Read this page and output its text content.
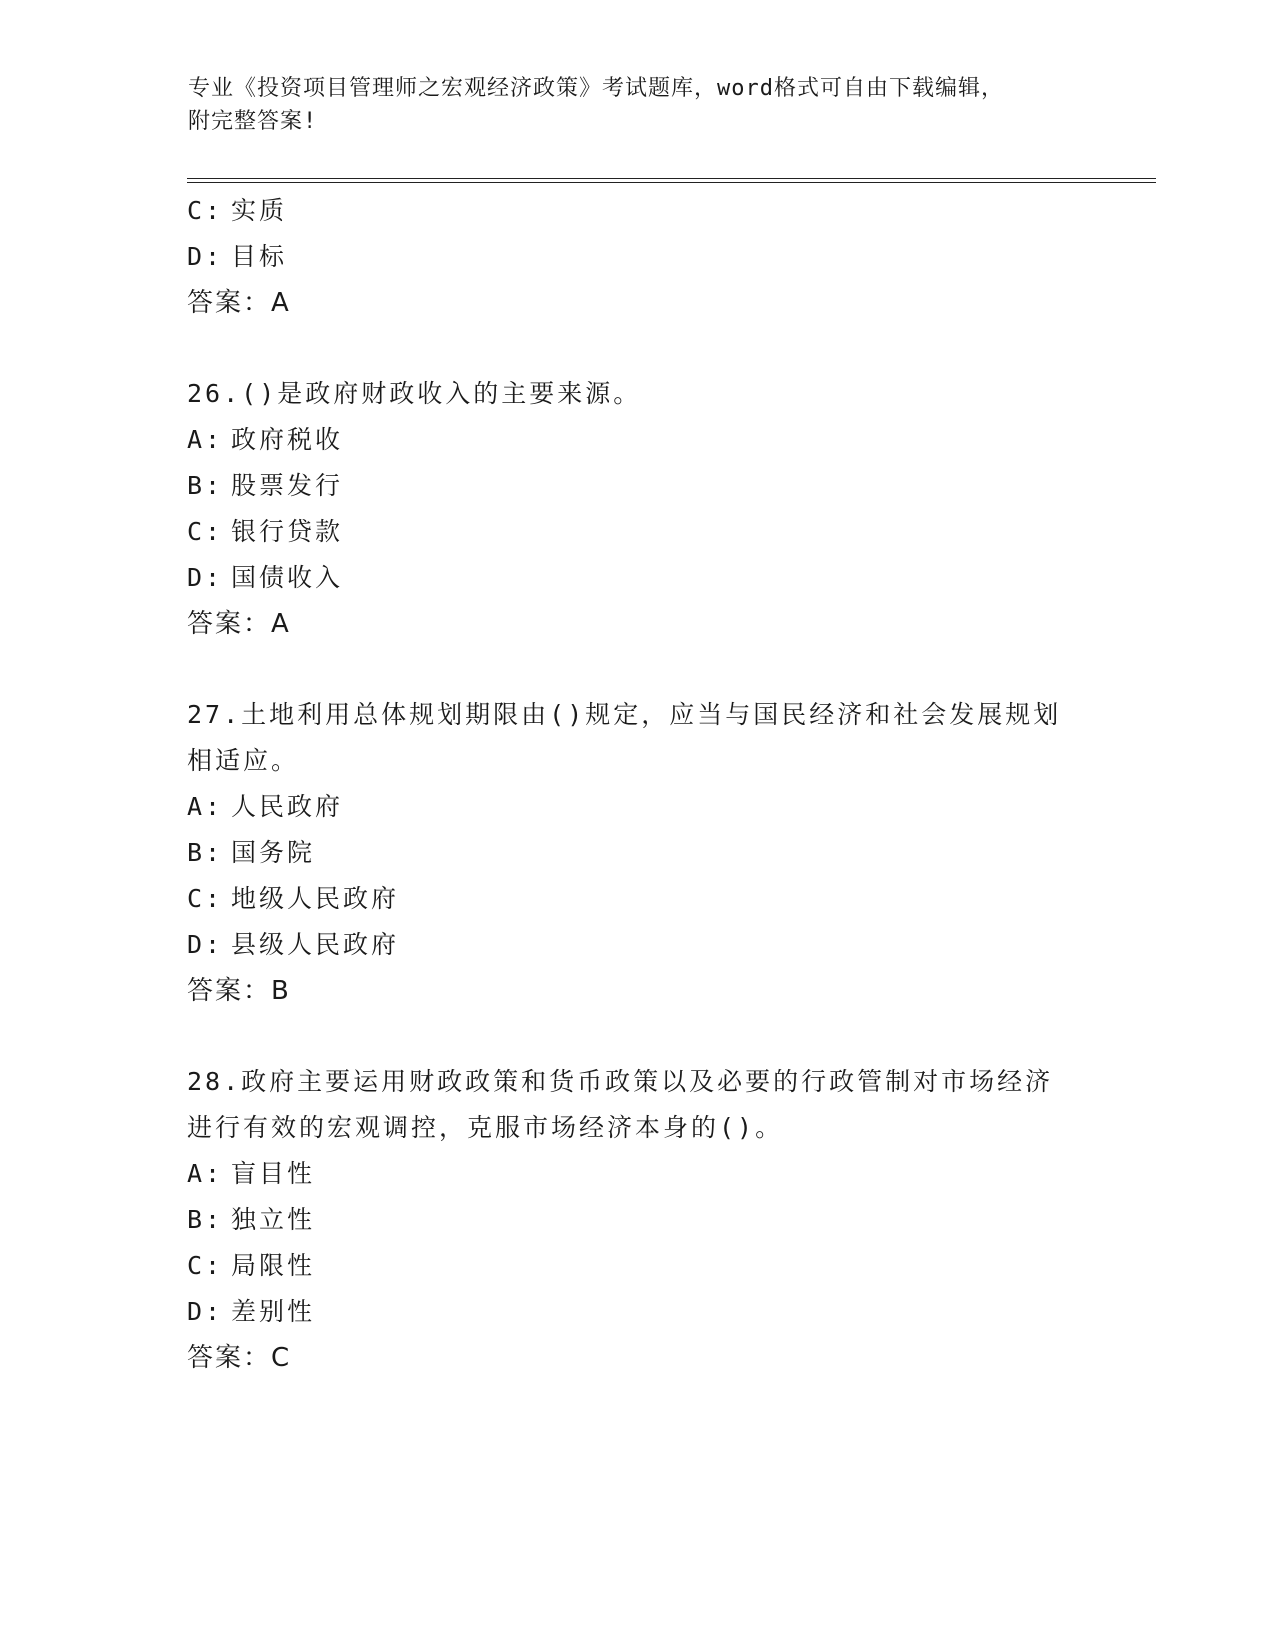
专业《投资项目管理师之宏观经济政策》考试题库，word格式可自由下载编辑，
附完整答案!
C: 实质
D: 目标
答案：A
26.()是政府财政收入的主要来源。
A: 政府税收
B: 股票发行
C: 银行贷款
D: 国债收入
答案：A
27.土地利用总体规划期限由()规定，应当与国民经济和社会发展规划
相适应。
A: 人民政府
B: 国务院
C: 地级人民政府
D: 县级人民政府
答案：B
28.政府主要运用财政政策和货币政策以及必要的行政管制对市场经济
进行有效的宏观调控，克服市场经济本身的()。
A: 盲目性
B: 独立性
C: 局限性
D: 差别性
答案：C
